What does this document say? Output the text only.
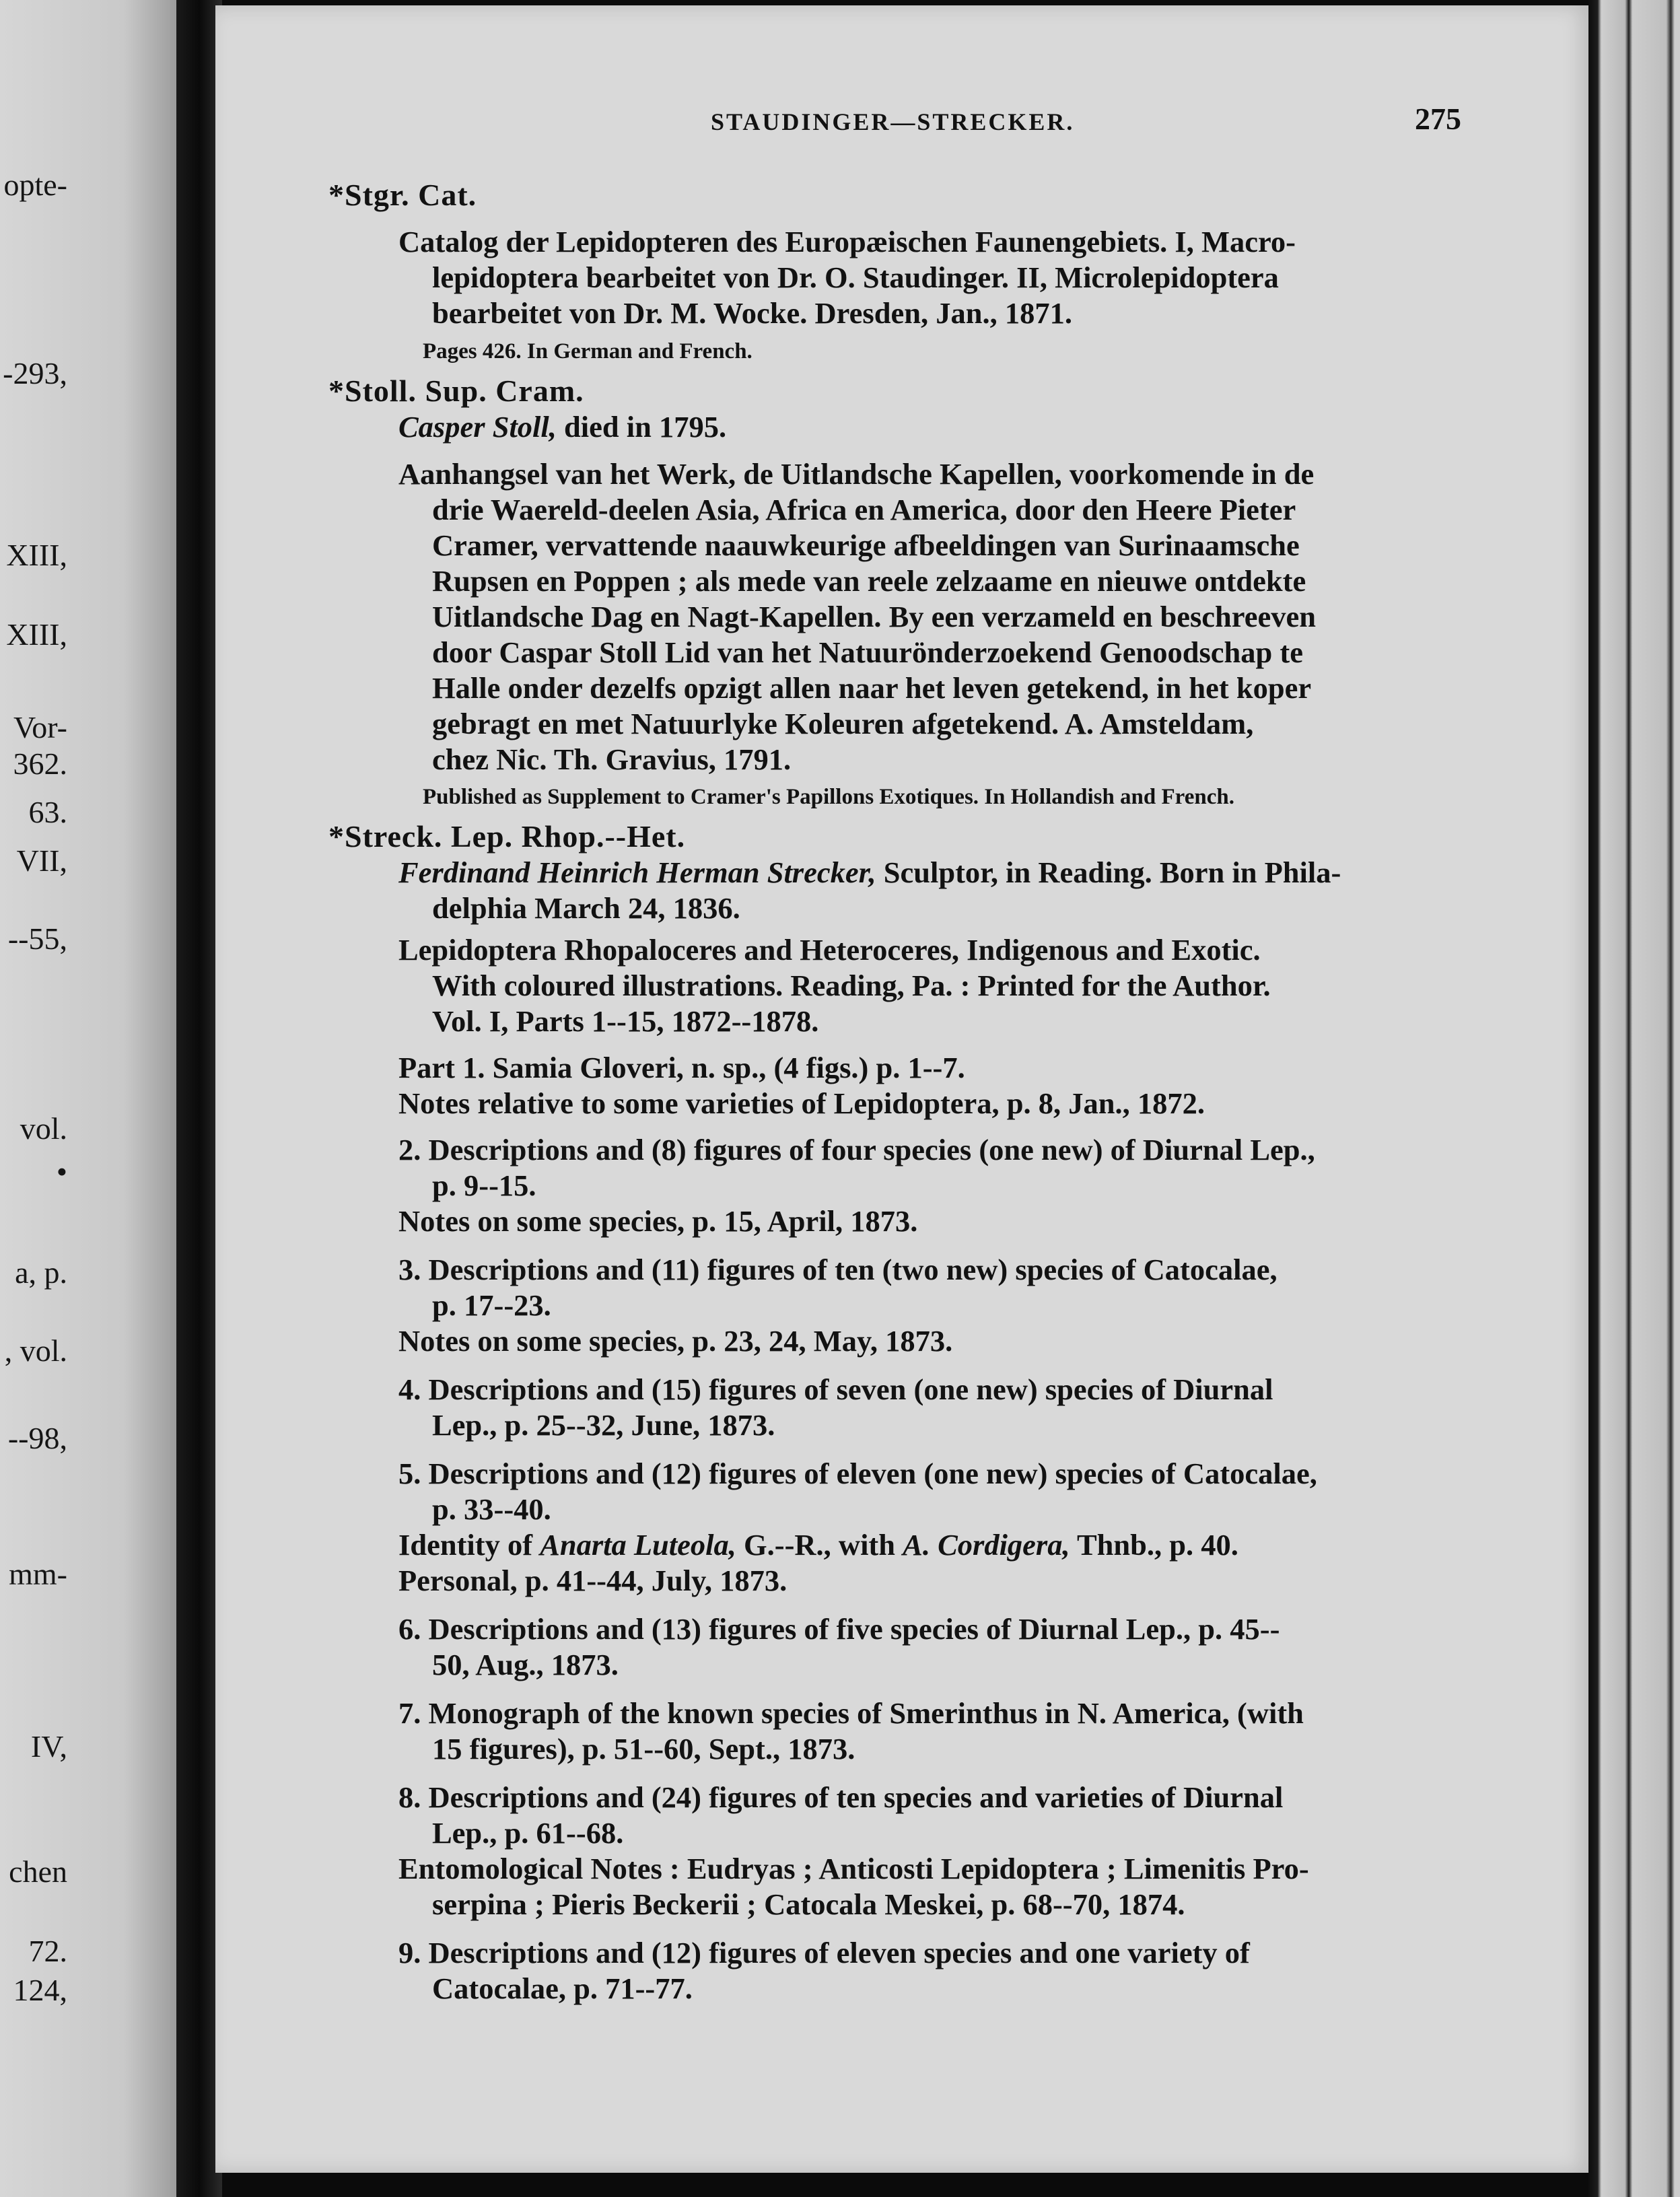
opte-
-293,
XIII,
XIII,
Vor-
362.
63.
VII,
--55,
vol.
•
a, p.
, vol.
--98,
mm-
IV,
chen
72.
124,
STAUDINGER—STRECKER.	275
*Stgr. Cat.
Catalog der Lepidopteren des Europæischen Faunengebiets. I, Macro-
lepidoptera bearbeitet von Dr. O. Staudinger. II, Microlepidoptera
bearbeitet von Dr. M. Wocke. Dresden, Jan., 1871.
Pages 426. In German and French.
*Stoll. Sup. Cram.
Casper Stoll, died in 1795.
Aanhangsel van het Werk, de Uitlandsche Kapellen, voorkomende in de
drie Waereld-deelen Asia, Africa en America, door den Heere Pieter
Cramer, vervattende naauwkeurige afbeeldingen van Surinaamsche
Rupsen en Poppen ; als mede van reele zelzaame en nieuwe ontdekte
Uitlandsche Dag en Nagt-Kapellen. By een verzameld en beschreeven
door Caspar Stoll Lid van het Natuurönderzoekend Genoodschap te
Halle onder dezelfs opzigt allen naar het leven getekend, in het koper
gebragt en met Natuurlyke Koleuren afgetekend. A. Amsteldam,
chez Nic. Th. Gravius, 1791.
Published as Supplement to Cramer's Papillons Exotiques. In Hollandish and French.
*Streck. Lep. Rhop.--Het.
Ferdinand Heinrich Herman Strecker, Sculptor, in Reading. Born in Phila-
delphia March 24, 1836.
Lepidoptera Rhopaloceres and Heteroceres, Indigenous and Exotic.
With coloured illustrations. Reading, Pa. : Printed for the Author.
Vol. I, Parts 1--15, 1872--1878.
Part 1. Samia Gloveri, n. sp., (4 figs.) p. 1--7.
Notes relative to some varieties of Lepidoptera, p. 8, Jan., 1872.
2. Descriptions and (8) figures of four species (one new) of Diurnal Lep.,
p. 9--15.
Notes on some species, p. 15, April, 1873.
3. Descriptions and (11) figures of ten (two new) species of Catocalae,
p. 17--23.
Notes on some species, p. 23, 24, May, 1873.
4. Descriptions and (15) figures of seven (one new) species of Diurnal
Lep., p. 25--32, June, 1873.
5. Descriptions and (12) figures of eleven (one new) species of Catocalae,
p. 33--40.
Identity of Anarta Luteola, G.--R., with A. Cordigera, Thnb., p. 40.
Personal, p. 41--44, July, 1873.
6. Descriptions and (13) figures of five species of Diurnal Lep., p. 45--
50, Aug., 1873.
7. Monograph of the known species of Smerinthus in N. America, (with
15 figures), p. 51--60, Sept., 1873.
8. Descriptions and (24) figures of ten species and varieties of Diurnal
Lep., p. 61--68.
Entomological Notes : Eudryas ; Anticosti Lepidoptera ; Limenitis Pro-
serpina ; Pieris Beckerii ; Catocala Meskei, p. 68--70, 1874.
9. Descriptions and (12) figures of eleven species and one variety of
Catocalae, p. 71--77.
